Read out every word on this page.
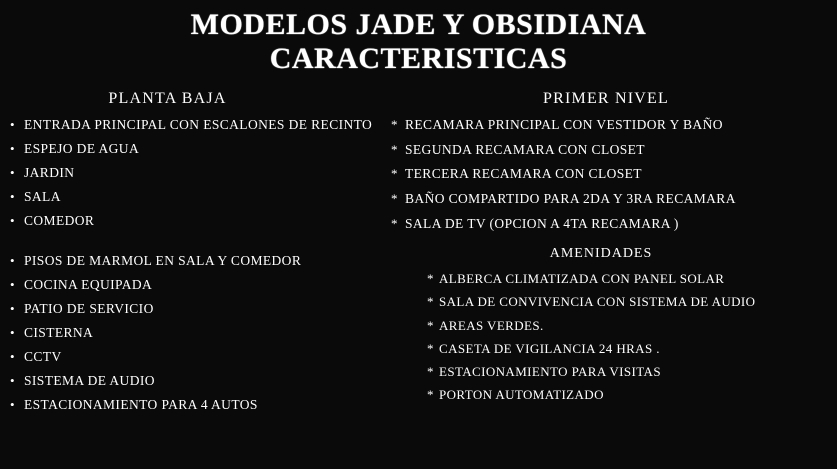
MODELOS JADE Y OBSIDIANA
CARACTERISTICAS
PLANTA BAJA
• ENTRADA PRINCIPAL CON ESCALONES DE RECINTO
• ESPEJO DE AGUA
• JARDIN
• SALA
• COMEDOR
• PISOS DE MARMOL EN SALA Y COMEDOR
• COCINA EQUIPADA
• PATIO DE SERVICIO
• CISTERNA
• CCTV
• SISTEMA DE AUDIO
• ESTACIONAMIENTO PARA 4 AUTOS
PRIMER NIVEL
* RECAMARA PRINCIPAL CON VESTIDOR Y BAÑO
* SEGUNDA RECAMARA CON CLOSET
* TERCERA RECAMARA CON CLOSET
* BAÑO COMPARTIDO PARA 2DA Y 3RA RECAMARA
* SALA DE TV (OPCION A 4TA RECAMARA )
AMENIDADES
* ALBERCA CLIMATIZADA CON PANEL SOLAR
* SALA DE CONVIVENCIA CON SISTEMA DE AUDIO
* AREAS VERDES.
* CASETA DE VIGILANCIA 24 HRAS .
* ESTACIONAMIENTO PARA VISITAS
* PORTON AUTOMATIZADO
